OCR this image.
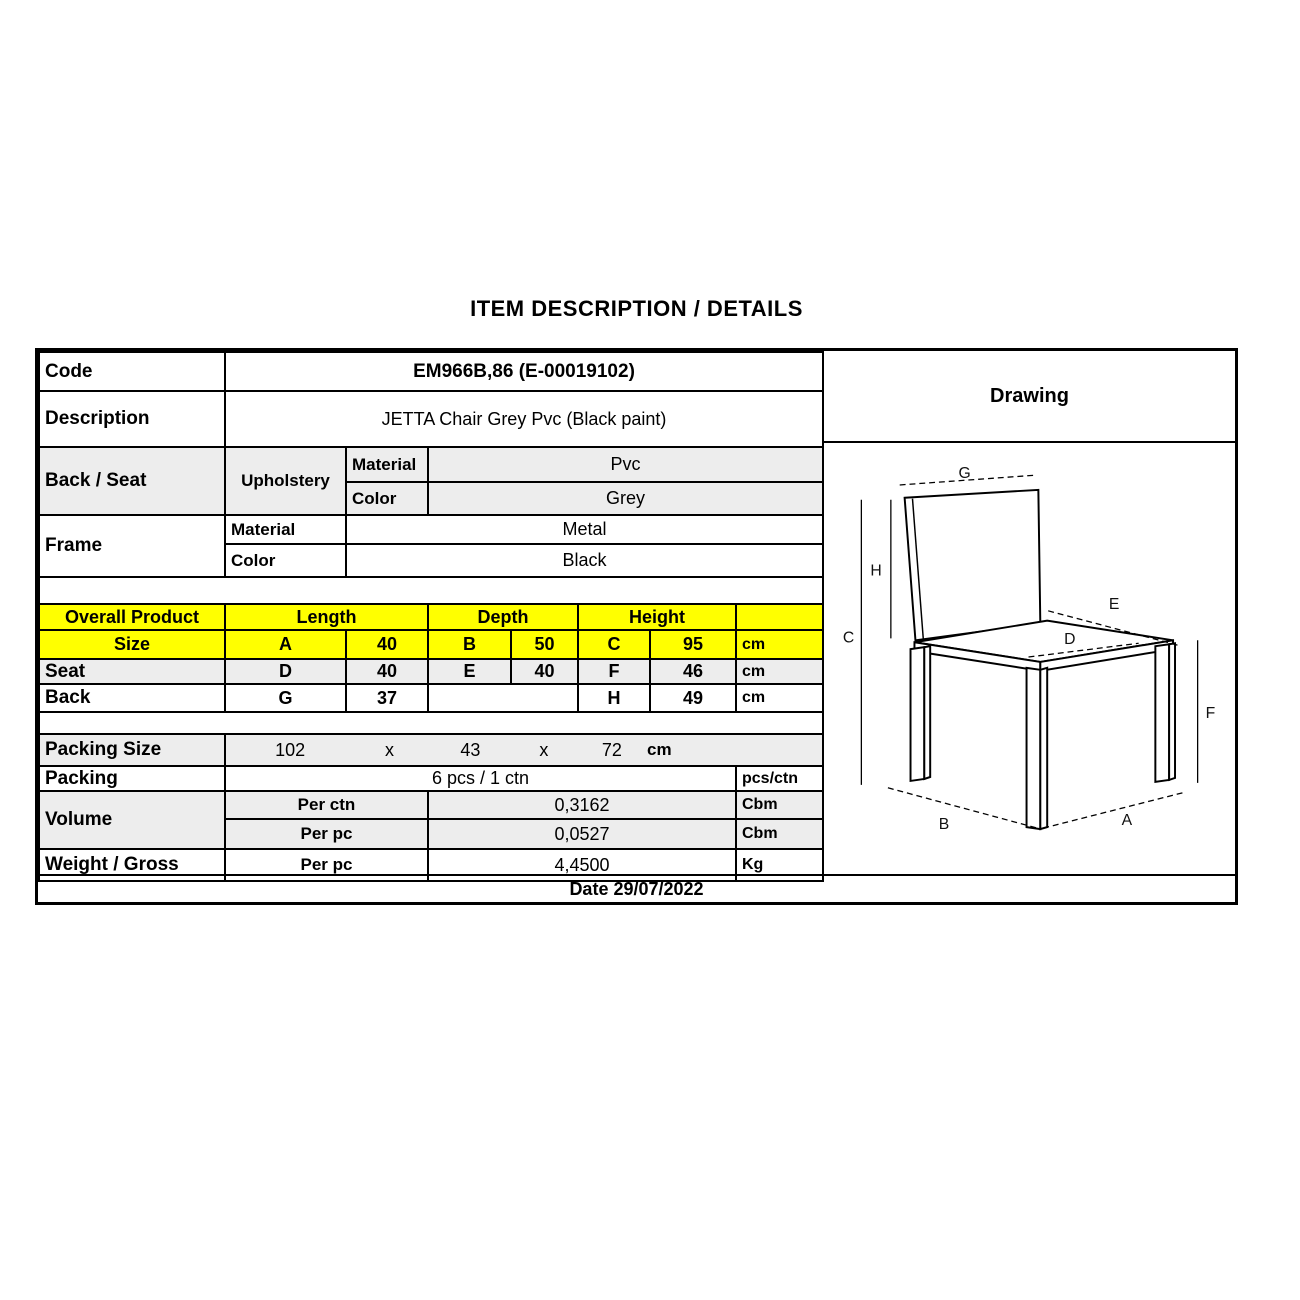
ITEM DESCRIPTION / DETAILS
Code	EM966B,86 (E-00019102)						
Description	JETTA Chair Grey Pvc (Black paint)						
Back / Seat	Upholstery	Material	Pvc				
		Color	Grey				
Frame	Material	Metal					
	Color	Black					

Overall Product	Length		Depth		Height		
Size	A	40	B	50	C	95	cm
Seat	D	40	E	40	F	46	cm
Back	G	37			H	49	cm

Packing Size	102	x	43	x	72	cm

Packing	6 pcs / 1 ctn						pcs/ctn
Volume	Per ctn		0,3162				Cbm
	Per pc		0,0527				Cbm
Weight / Gross	Per pc		4,4500				Kg
Drawing
G
H
C
E
D
F
B	A
Date 29/07/2022
